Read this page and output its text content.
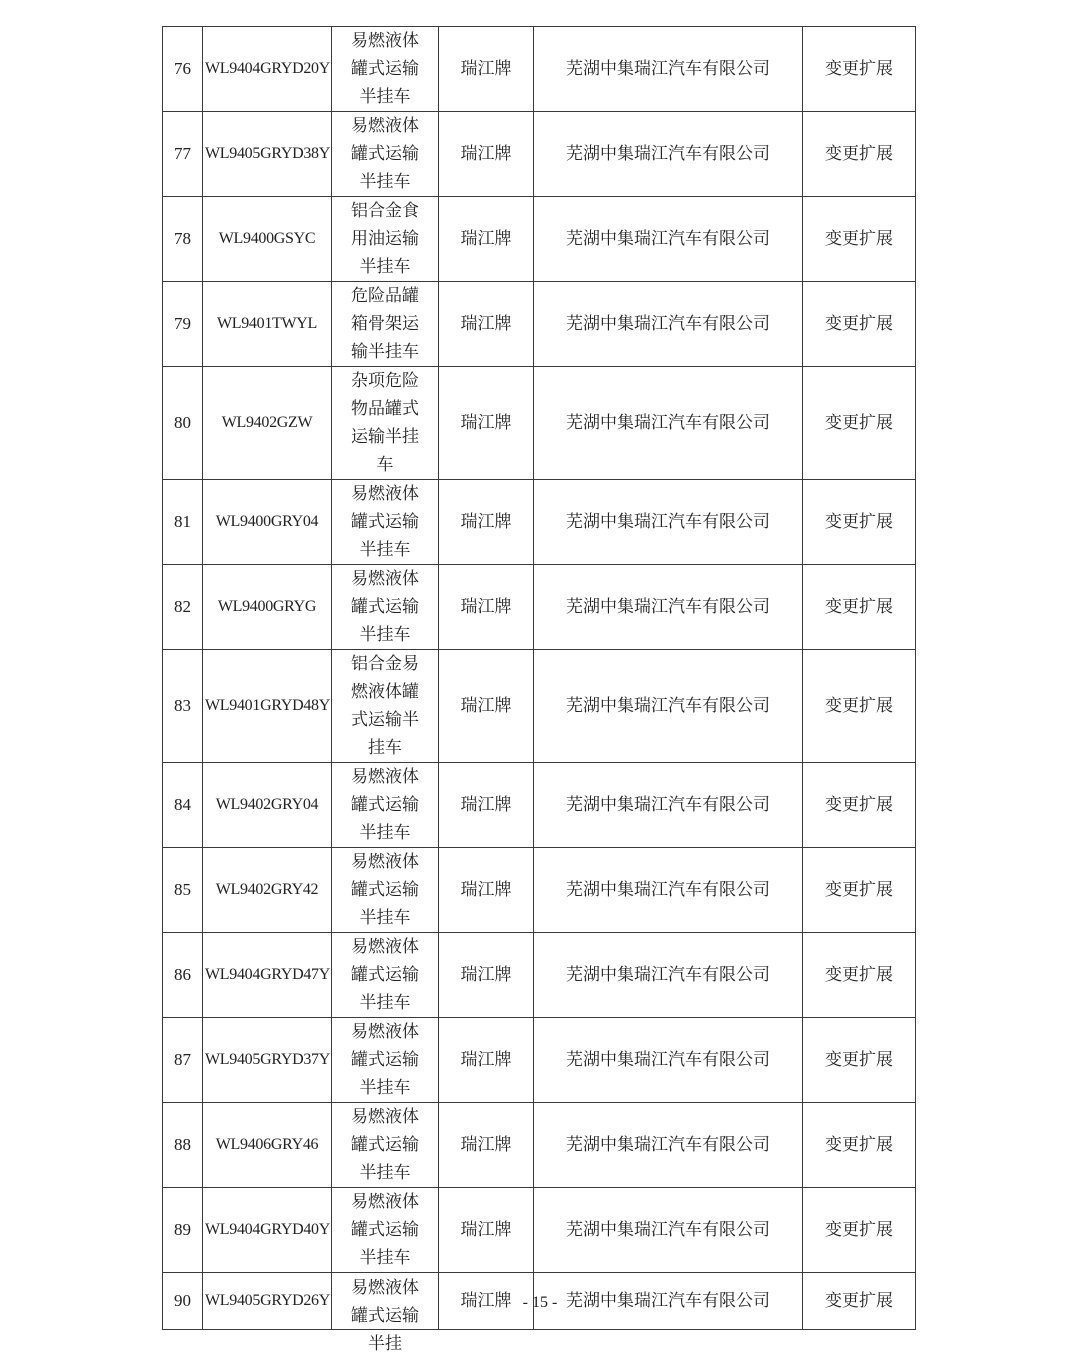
76	WL9404GRYD20Y	易燃液体罐式运输半挂车	瑞江牌	芜湖中集瑞江汽车有限公司	变更扩展
77	WL9405GRYD38Y	易燃液体罐式运输半挂车	瑞江牌	芜湖中集瑞江汽车有限公司	变更扩展
78	WL9400GSYC	铝合金食用油运输半挂车	瑞江牌	芜湖中集瑞江汽车有限公司	变更扩展
79	WL9401TWYL	危险品罐箱骨架运输半挂车	瑞江牌	芜湖中集瑞江汽车有限公司	变更扩展
80	WL9402GZW	杂项危险物品罐式运输半挂车	瑞江牌	芜湖中集瑞江汽车有限公司	变更扩展
81	WL9400GRY04	易燃液体罐式运输半挂车	瑞江牌	芜湖中集瑞江汽车有限公司	变更扩展
82	WL9400GRYG	易燃液体罐式运输半挂车	瑞江牌	芜湖中集瑞江汽车有限公司	变更扩展
83	WL9401GRYD48Y	铝合金易燃液体罐式运输半挂车	瑞江牌	芜湖中集瑞江汽车有限公司	变更扩展
84	WL9402GRY04	易燃液体罐式运输半挂车	瑞江牌	芜湖中集瑞江汽车有限公司	变更扩展
85	WL9402GRY42	易燃液体罐式运输半挂车	瑞江牌	芜湖中集瑞江汽车有限公司	变更扩展
86	WL9404GRYD47Y	易燃液体罐式运输半挂车	瑞江牌	芜湖中集瑞江汽车有限公司	变更扩展
87	WL9405GRYD37Y	易燃液体罐式运输半挂车	瑞江牌	芜湖中集瑞江汽车有限公司	变更扩展
88	WL9406GRY46	易燃液体罐式运输半挂车	瑞江牌	芜湖中集瑞江汽车有限公司	变更扩展
89	WL9404GRYD40Y	易燃液体罐式运输半挂车	瑞江牌	芜湖中集瑞江汽车有限公司	变更扩展
90	WL9405GRYD26Y	易燃液体罐式运输半挂	瑞江牌	芜湖中集瑞江汽车有限公司	变更扩展
- 15 -
